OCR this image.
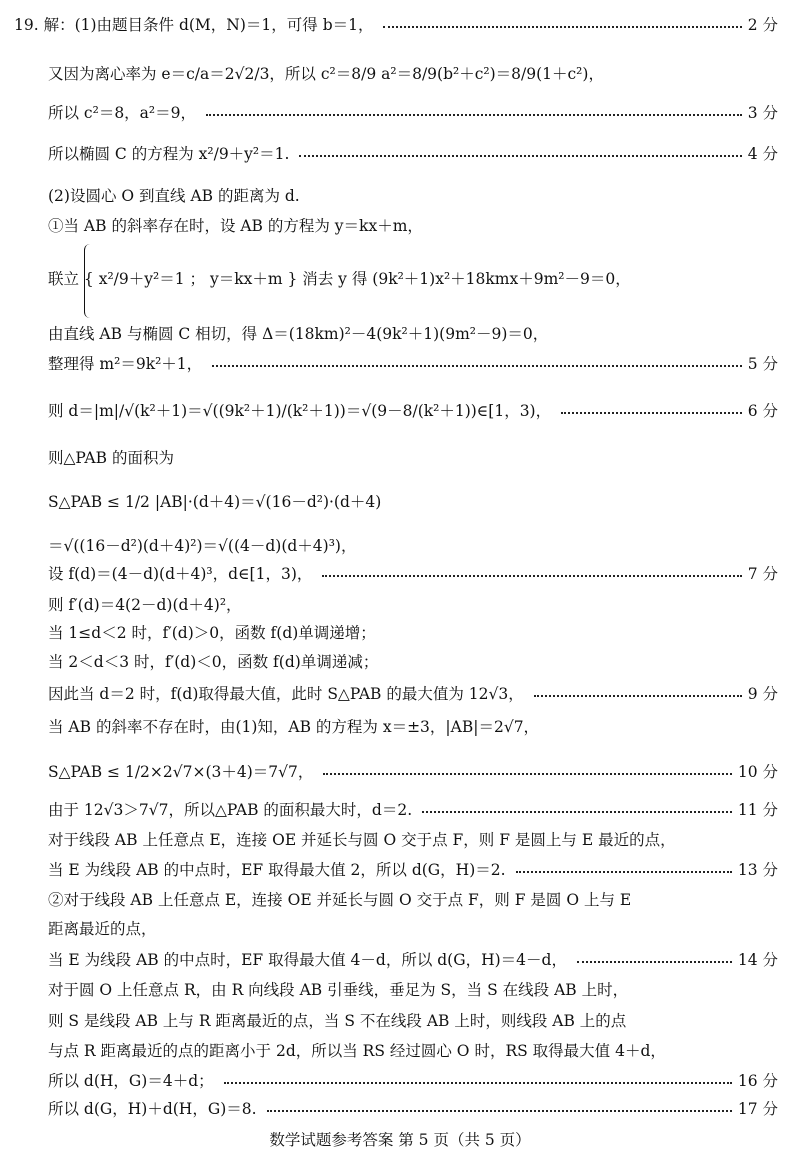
19. 解：(1)由题目条件 d(M，N)＝1，可得 b＝1，	2 分
又因为离心率为 e＝c/a＝2√2/3，所以 c²＝8/9 a²＝8/9(b²＋c²)＝8/9(1＋c²)，
所以 c²＝8，a²＝9，	3 分
所以椭圆 C 的方程为 x²/9＋y²＝1.	4 分
(2)设圆心 O 到直线 AB 的距离为 d.
①当 AB 的斜率存在时，设 AB 的方程为 y＝kx＋m，
联立 { x²/9＋y²＝1 ； y＝kx＋m } 消去 y 得 (9k²＋1)x²＋18kmx＋9m²－9＝0，
由直线 AB 与椭圆 C 相切，得 Δ＝(18km)²－4(9k²＋1)(9m²－9)＝0，
整理得 m²＝9k²＋1，	5 分
则 d＝|m|/√(k²＋1)＝√((9k²＋1)/(k²＋1))＝√(9－8/(k²＋1))∈[1，3)，	6 分
则△PAB 的面积为
S△PAB ≤ 1/2 |AB|·(d＋4)＝√(16－d²)·(d＋4)
＝√((16－d²)(d＋4)²)＝√((4－d)(d＋4)³)，
设 f(d)＝(4－d)(d＋4)³，d∈[1，3)，	7 分
则 f′(d)＝4(2－d)(d＋4)²，
当 1≤d＜2 时，f′(d)＞0，函数 f(d)单调递增；
当 2＜d＜3 时，f′(d)＜0，函数 f(d)单调递减；
因此当 d＝2 时，f(d)取得最大值，此时 S△PAB 的最大值为 12√3，	9 分
当 AB 的斜率不存在时，由(1)知，AB 的方程为 x＝±3，|AB|＝2√7，
S△PAB ≤ 1/2×2√7×(3＋4)＝7√7，	10 分
由于 12√3＞7√7，所以△PAB 的面积最大时，d＝2.	11 分
对于线段 AB 上任意点 E，连接 OE 并延长与圆 O 交于点 F，则 F 是圆上与 E 最近的点，
当 E 为线段 AB 的中点时，EF 取得最大值 2，所以 d(G，H)＝2.	13 分
②对于线段 AB 上任意点 E，连接 OE 并延长与圆 O 交于点 F，则 F 是圆 O 上与 E
距离最近的点，
当 E 为线段 AB 的中点时，EF 取得最大值 4－d，所以 d(G，H)＝4－d，	14 分
对于圆 O 上任意点 R，由 R 向线段 AB 引垂线，垂足为 S，当 S 在线段 AB 上时，
则 S 是线段 AB 上与 R 距离最近的点，当 S 不在线段 AB 上时，则线段 AB 上的点
与点 R 距离最近的点的距离小于 2d，所以当 RS 经过圆心 O 时，RS 取得最大值 4＋d，
所以 d(H，G)＝4＋d；	16 分
所以 d(G，H)＋d(H，G)＝8.	17 分
数学试题参考答案 第 5 页（共 5 页）
